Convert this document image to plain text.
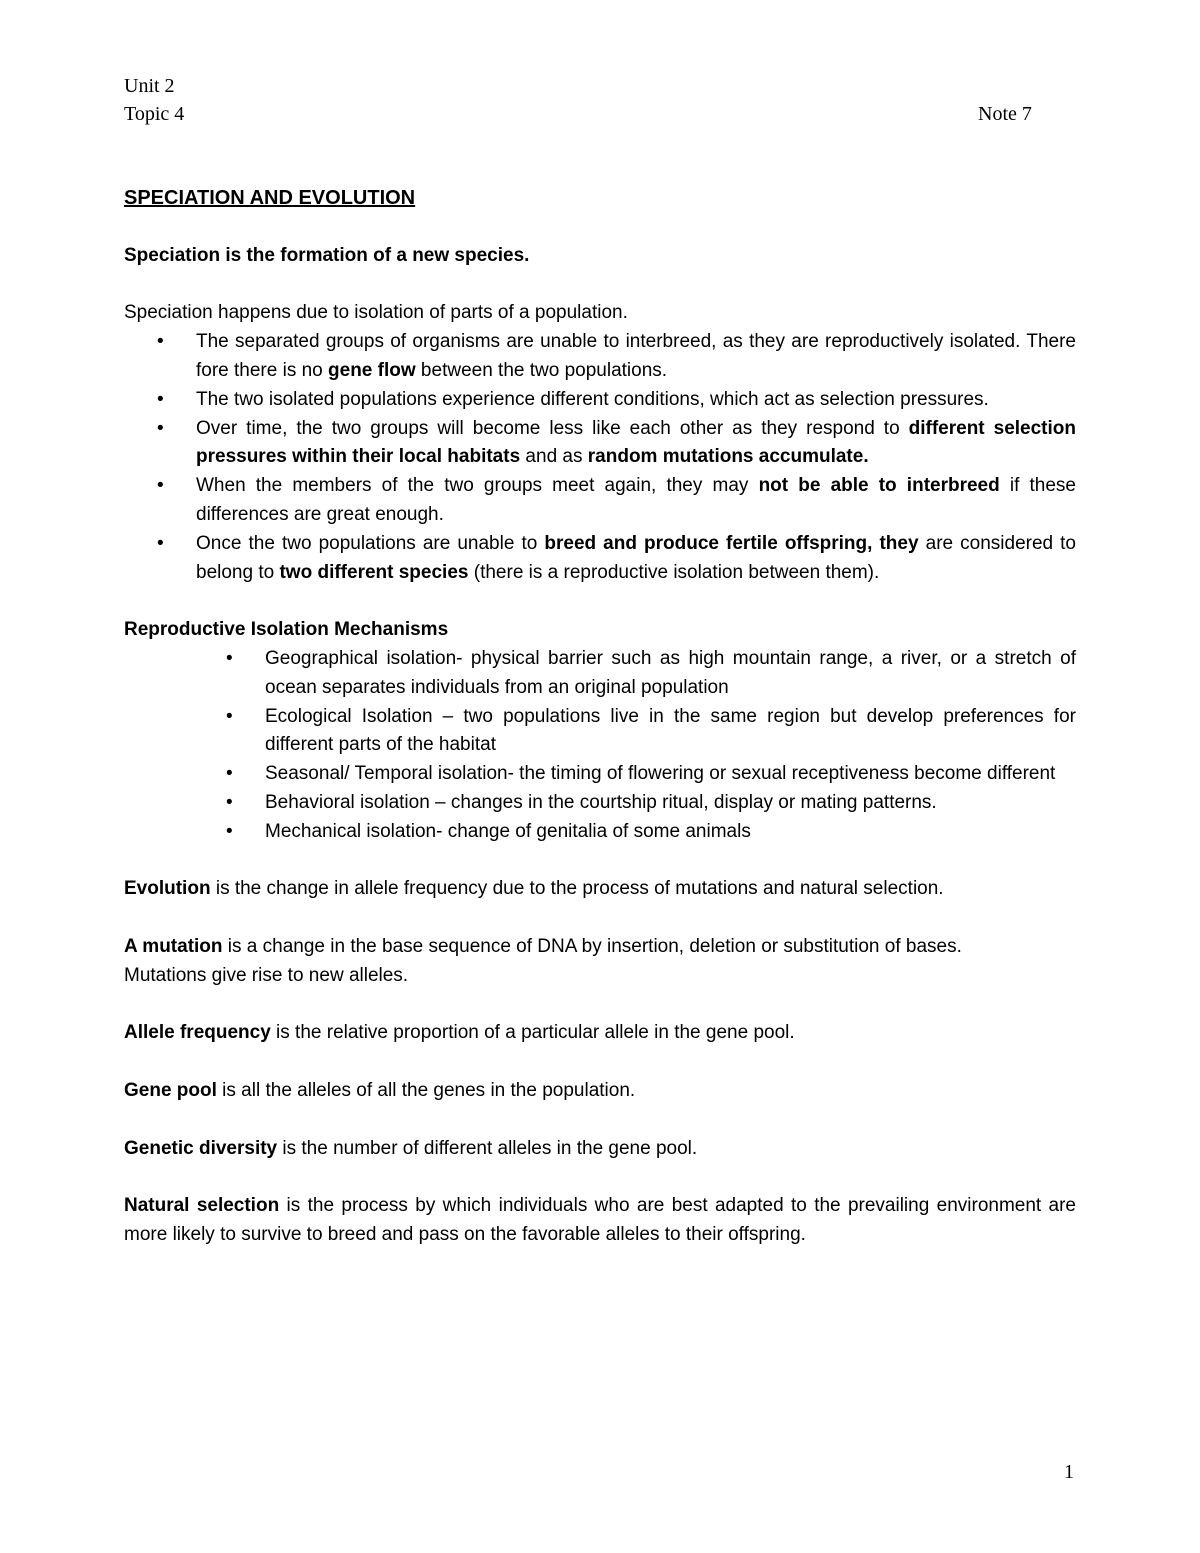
Unit 2
Topic 4	Note 7
SPECIATION AND EVOLUTION

Speciation is the formation of a new species.

Speciation happens due to isolation of parts of a population.

• The separated groups of organisms are unable to interbreed, as they are reproductively isolated. There fore there is no gene flow between the two populations.
• The two isolated populations experience different conditions, which act as selection pressures.
• Over time, the two groups will become less like each other as they respond to different selection pressures within their local habitats and as random mutations accumulate.
• When the members of the two groups meet again, they may not be able to interbreed if these differences are great enough.
• Once the two populations are unable to breed and produce fertile offspring, they are considered to belong to two different species (there is a reproductive isolation between them).

Reproductive Isolation Mechanisms

• Geographical isolation- physical barrier such as high mountain range, a river, or a stretch of ocean separates individuals from an original population
• Ecological Isolation – two populations live in the same region but develop preferences for different parts of the habitat
• Seasonal/ Temporal isolation- the timing of flowering or sexual receptiveness become different
• Behavioral isolation – changes in the courtship ritual, display or mating patterns.
• Mechanical isolation- change of genitalia of some animals

Evolution is the change in allele frequency due to the process of mutations and natural selection.

A mutation is a change in the base sequence of DNA by insertion, deletion or substitution of bases.

Mutations give rise to new alleles.

Allele frequency is the relative proportion of a particular allele in the gene pool.

Gene pool is all the alleles of all the genes in the population.

Genetic diversity is the number of different alleles in the gene pool.

Natural selection is the process by which individuals who are best adapted to the prevailing environment are more likely to survive to breed and pass on the favorable alleles to their offspring.

1
